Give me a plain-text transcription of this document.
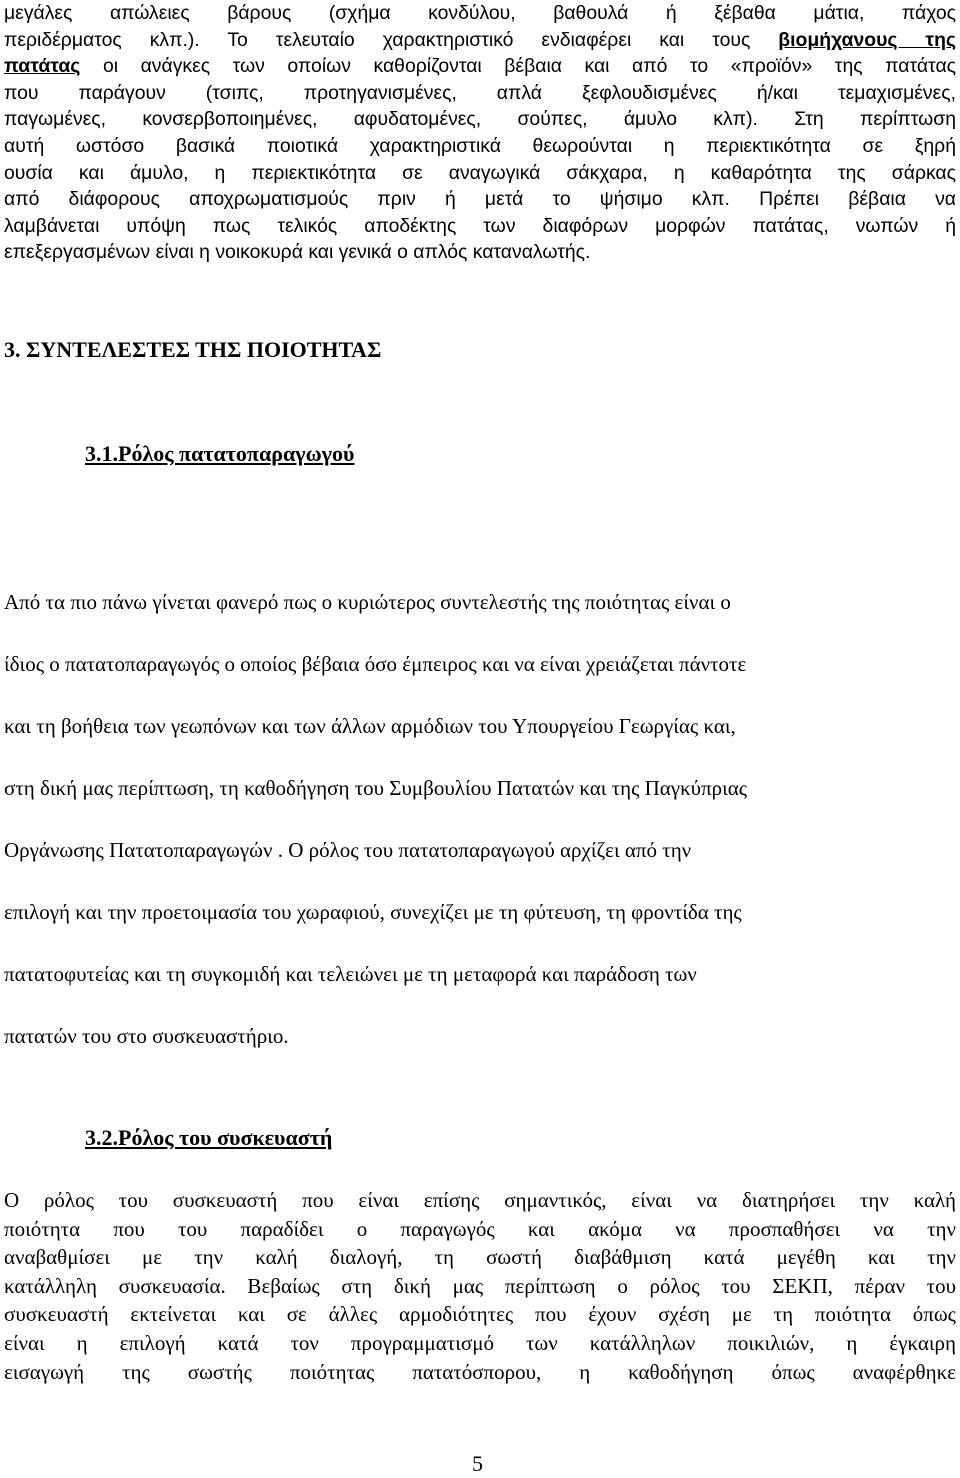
μεγάλες απώλειες βάρους (σχήμα κονδύλου, βαθουλά ή ξέβαθα μάτια, πάχος
περιδέρματος κλπ.). Το τελευταίο χαρακτηριστικό ενδιαφέρει και τους βιομήχανους της
πατάτας οι ανάγκες των οποίων καθορίζονται βέβαια και από το «προϊόν» της πατάτας
που παράγουν (τσιπς, προτηγανισμένες, απλά ξεφλουδισμένες ή/και τεμαχισμένες,
παγωμένες, κονσερβοποιημένες, αφυδατομένες, σούπες, άμυλο κλπ). Στη περίπτωση
αυτή ωστόσο βασικά ποιοτικά χαρακτηριστικά θεωρούνται η περιεκτικότητα σε ξηρή
ουσία και άμυλο, η περιεκτικότητα σε αναγωγικά σάκχαρα, η καθαρότητα της σάρκας
από διάφορους αποχρωματισμούς πριν ή μετά το ψήσιμο κλπ. Πρέπει βέβαια να
λαμβάνεται υπόψη πως τελικός αποδέκτης των διαφόρων μορφών πατάτας, νωπών ή
επεξεργασμένων είναι η νοικοκυρά και γενικά ο απλός καταναλωτής.
3. ΣΥΝΤΕΛΕΣΤΕΣ ΤΗΣ ΠΟΙΟΤΗΤΑΣ
3.1.Ρόλος πατατοπαραγωγού
Από τα πιο πάνω γίνεται φανερό πως ο κυριώτερος συντελεστής της ποιότητας είναι ο
ίδιος ο πατατοπαραγωγός ο οποίος βέβαια όσο έμπειρος και να είναι χρειάζεται πάντοτε
και τη βοήθεια των γεωπόνων και των άλλων αρμόδιων του Υπουργείου Γεωργίας και,
στη δική μας περίπτωση, τη καθοδήγηση του Συμβουλίου Πατατών και της Παγκύπριας
Οργάνωσης Πατατοπαραγωγών . Ο ρόλος του πατατοπαραγωγού αρχίζει από την
επιλογή και την προετοιμασία του χωραφιού, συνεχίζει με τη φύτευση, τη φροντίδα της
πατατοφυτείας και τη συγκομιδή και τελειώνει με τη μεταφορά και παράδοση των
πατατών του στο συσκευαστήριο.
3.2.Ρόλος του συσκευαστή
Ο ρόλος του συσκευαστή που είναι επίσης σημαντικός, είναι να διατηρήσει την καλή
ποιότητα που του παραδίδει ο παραγωγός και ακόμα να προσπαθήσει να την
αναβαθμίσει με την καλή διαλογή, τη σωστή διαβάθμιση κατά μεγέθη και την
κατάλληλη συσκευασία. Βεβαίως στη δική μας περίπτωση ο ρόλος του ΣΕΚΠ, πέραν του
συσκευαστή εκτείνεται και σε άλλες αρμοδιότητες που έχουν σχέση με τη ποιότητα όπως
είναι η επιλογή κατά τον προγραμματισμό των κατάλληλων ποικιλιών, η έγκαιρη
εισαγωγή της σωστής ποιότητας πατατόσπορου, η καθοδήγηση όπως αναφέρθηκε
5
